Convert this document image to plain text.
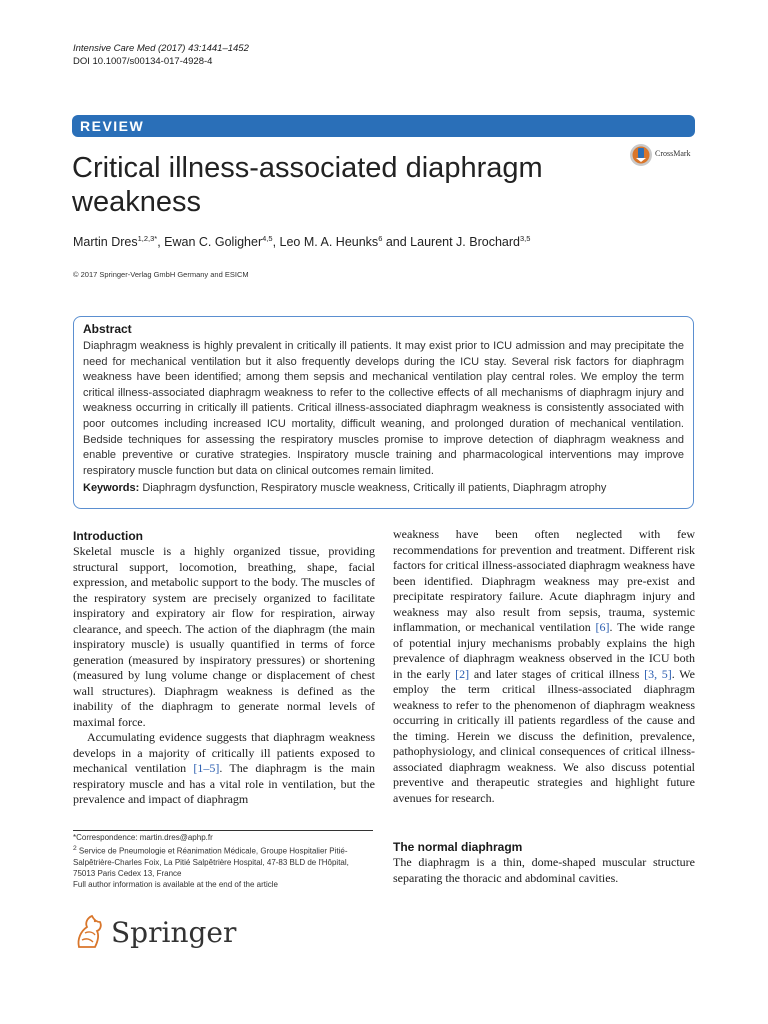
Intensive Care Med (2017) 43:1441–1452
DOI 10.1007/s00134-017-4928-4
REVIEW
Critical illness-associated diaphragm weakness
CrossMark
Martin Dres$^{1,2,3*}$, Ewan C. Goligher$^{4,5}$, Leo M. A. Heunks$^6$ and Laurent J. Brochard$^{3,5}$
© 2017 Springer-Verlag GmbH Germany and ESICM
Abstract
Diaphragm weakness is highly prevalent in critically ill patients. It may exist prior to ICU admission and may precipitate the need for mechanical ventilation but it also frequently develops during the ICU stay. Several risk factors for diaphragm weakness have been identified; among them sepsis and mechanical ventilation play central roles. We employ the term critical illness-associated diaphragm weakness to refer to the collective effects of all mechanisms of diaphragm injury and weakness occurring in critically ill patients. Critical illness-associated diaphragm weakness is consistently associated with poor outcomes including increased ICU mortality, difficult weaning, and prolonged duration of mechanical ventilation. Bedside techniques for assessing the respiratory muscles promise to improve detection of diaphragm weakness and enable preventive or curative strategies. Inspiratory muscle training and pharmacological interventions may improve respiratory muscle function but data on clinical outcomes remain limited.
Keywords: Diaphragm dysfunction, Respiratory muscle weakness, Critically ill patients, Diaphragm atrophy
Introduction

Skeletal muscle is a highly organized tissue, providing structural support, locomotion, breathing, shape, facial expression, and metabolic support to the body. The muscles of the respiratory system are precisely organized to facilitate inspiratory and expiratory air flow for respiration, airway clearance, and speech. The action of the diaphragm (the main inspiratory muscle) is usually quantified in terms of force generation (measured by inspiratory pressures) or shortening (measured by lung volume change or displacement of chest wall structures). Diaphragm weakness is defined as the inability of the diaphragm to generate normal levels of maximal force.

Accumulating evidence suggests that diaphragm weakness develops in a majority of critically ill patients exposed to mechanical ventilation [1–5]. The diaphragm is the main respiratory muscle and has a vital role in ventilation, but the prevalence and impact of diaphragm

weakness have been often neglected with few recommendations for prevention and treatment. Different risk factors for critical illness-associated diaphragm weakness have been identified. Diaphragm weakness may pre-exist and precipitate respiratory failure. Acute diaphragm injury and weakness may also result from sepsis, trauma, systemic inflammation, or mechanical ventilation [6]. The wide range of potential injury mechanisms probably explains the high prevalence of diaphragm weakness observed in the ICU both in the early [2] and later stages of critical illness [3, 5]. We employ the term critical illness-associated diaphragm weakness to refer to the phenomenon of diaphragm weakness occurring in critically ill patients regardless of the cause and the timing. Herein we discuss the definition, prevalence, pathophysiology, and clinical consequences of critical illness-associated diaphragm weakness. We also discuss potential preventive and therapeutic strategies and highlight future avenues for research.

The normal diaphragm

The diaphragm is a thin, dome-shaped muscular structure separating the thoracic and abdominal cavities.

*Correspondence: martin.dres@aphp.fr
$^2$ Service de Pneumologie et Réanimation Médicale, Groupe Hospitalier Pitié-Salpêtrière-Charles Foix, La Pitié Salpêtrière Hospital, 47-83 BLD de l'Hôpital, 75013 Paris Cedex 13, France
Full author information is available at the end of the article
Springer
